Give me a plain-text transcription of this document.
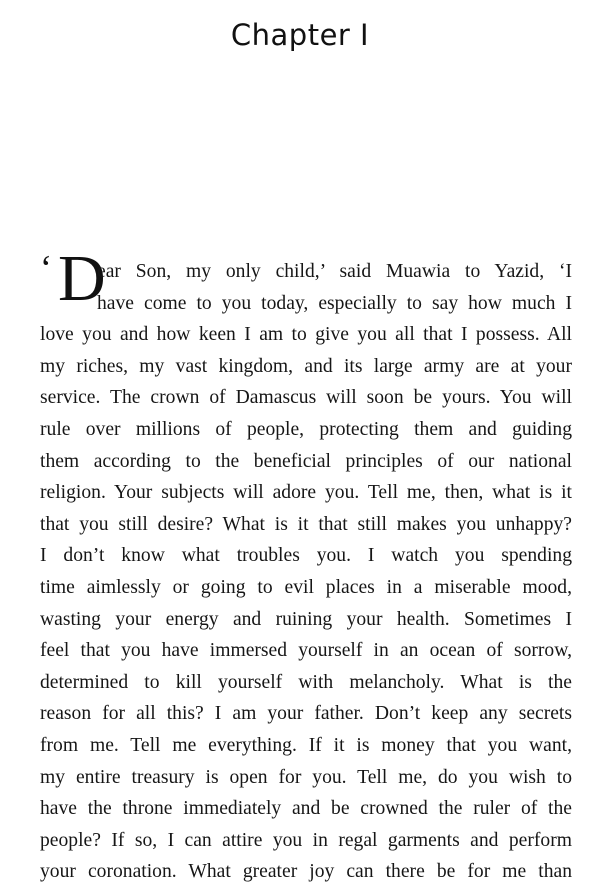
Chapter I
‘ D
ear Son, my only child,’ said Muawia to Yazid, ‘I
have come to you today, especially to say how much I
love you and how keen I am to give you all that I possess. All
my riches, my vast kingdom, and its large army are at your
service. The crown of Damascus will soon be yours. You will
rule over millions of people, protecting them and guiding
them according to the beneficial principles of our national
religion. Your subjects will adore you. Tell me, then, what is it
that you still desire? What is it that still makes you unhappy?
I don’t know what troubles you. I watch you spending
time aimlessly or going to evil places in a miserable mood,
wasting your energy and ruining your health. Sometimes I
feel that you have immersed yourself in an ocean of sorrow,
determined to kill yourself with melancholy. What is the
reason for all this? I am your father. Don’t keep any secrets
from me. Tell me everything. If it is money that you want,
my entire treasury is open for you. Tell me, do you wish to
have the throne immediately and be crowned the ruler of the
people? If so, I can attire you in regal garments and perform
your coronation. What greater joy can there be for me than
